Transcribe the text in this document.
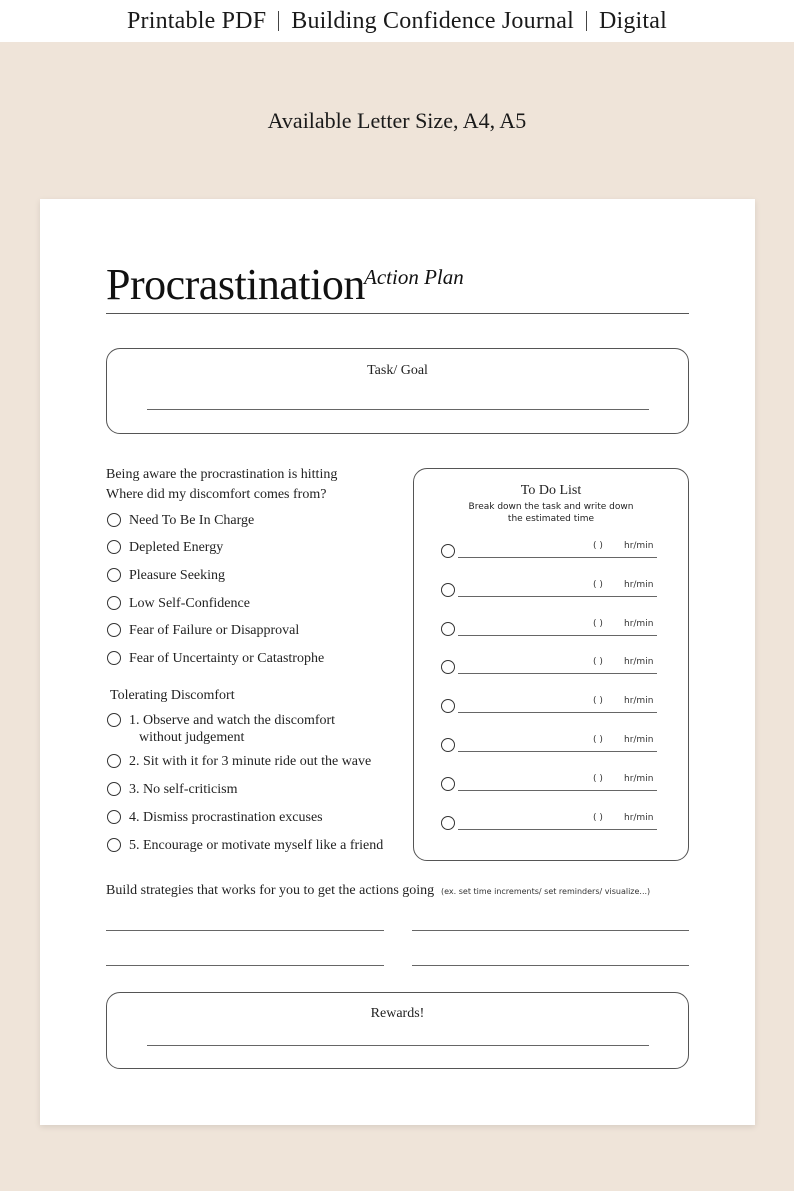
Printable PDF Building Confidence Journal Digital
Available Letter Size, A4, A5
Procrastination Action Plan
Task/ Goal
Being aware the procrastination is hitting
Where did my discomfort comes from?
Need To Be In Charge
Depleted Energy
Pleasure Seeking
Low Self-Confidence
Fear of Failure or Disapproval
Fear of Uncertainty or Catastrophe
Tolerating Discomfort
1. Observe and watch the discomfort
without judgement
2. Sit with it for 3 minute ride out the wave
3. No self-criticism
4. Dismiss procrastination excuses
5. Encourage or motivate myself like a friend
To Do List
Break down the task and write down
the estimated time
( ) hr/min
( ) hr/min
( ) hr/min
( ) hr/min
( ) hr/min
( ) hr/min
( ) hr/min
( ) hr/min
Build strategies that works for you to get the actions going (ex. set time increments/ set reminders/ visualize...)
Rewards!
